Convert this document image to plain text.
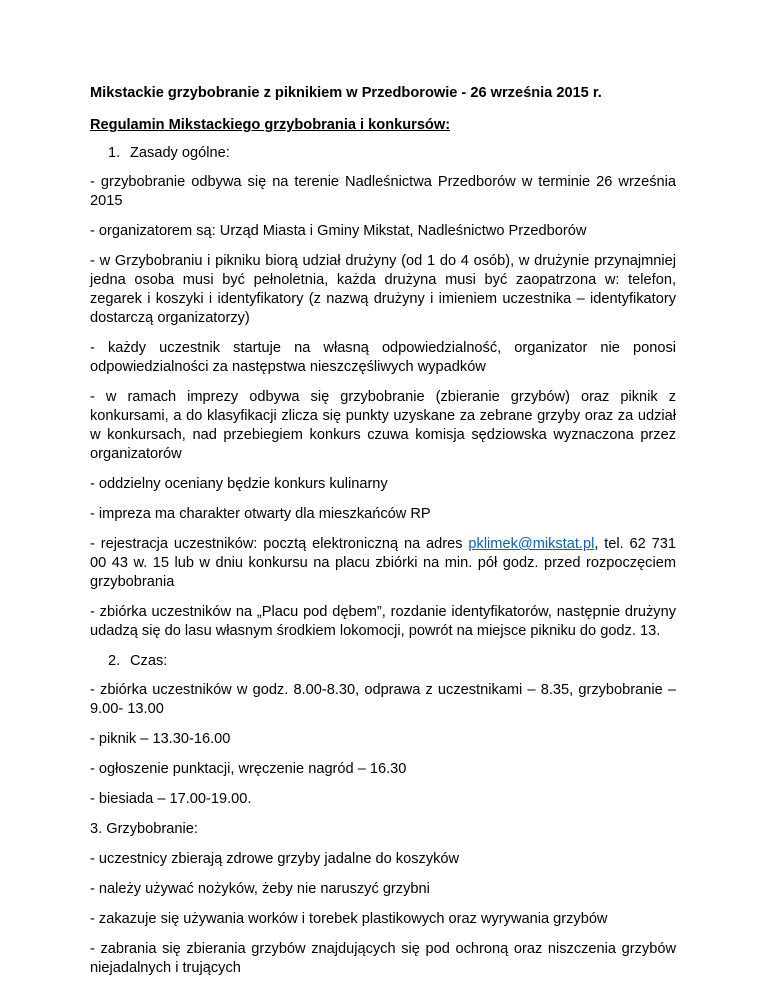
Mikstackie grzybobranie z piknikiem w Przedborowie - 26 września 2015 r.

Regulamin Mikstackiego grzybobrania i konkursów:

1. Zasady ogólne:

- grzybobranie odbywa się na terenie Nadleśnictwa Przedborów w terminie 26 września 2015

- organizatorem są: Urząd Miasta i Gminy Mikstat, Nadleśnictwo Przedborów

- w Grzybobraniu i pikniku biorą udział drużyny (od 1 do 4 osób), w drużynie przynajmniej jedna osoba musi być pełnoletnia, każda drużyna musi być zaopatrzona w: telefon, zegarek i koszyki i identyfikatory (z nazwą drużyny i imieniem uczestnika – identyfikatory dostarczą organizatorzy)

- każdy uczestnik startuje na własną odpowiedzialność, organizator nie ponosi odpowiedzialności za następstwa nieszczęśliwych wypadków

- w ramach imprezy odbywa się grzybobranie (zbieranie grzybów) oraz piknik z konkursami, a do klasyfikacji zlicza się punkty uzyskane za zebrane grzyby oraz za udział w konkursach, nad przebiegiem konkurs czuwa komisja sędziowska wyznaczona przez organizatorów

- oddzielny oceniany będzie konkurs kulinarny

- impreza ma charakter otwarty dla mieszkańców RP

- rejestracja uczestników: pocztą elektroniczną na adres pklimek@mikstat.pl, tel. 62 731 00 43 w. 15 lub w dniu konkursu na placu zbiórki na min. pół godz. przed rozpoczęciem grzybobrania

- zbiórka uczestników na „Placu pod dębem”, rozdanie identyfikatorów, następnie drużyny udadzą się do lasu własnym środkiem lokomocji, powrót na miejsce pikniku do godz. 13.

2. Czas:

- zbiórka uczestników w godz. 8.00-8.30, odprawa z uczestnikami – 8.35, grzybobranie – 9.00- 13.00

- piknik – 13.30-16.00

- ogłoszenie punktacji, wręczenie nagród – 16.30

- biesiada – 17.00-19.00.

3. Grzybobranie:

- uczestnicy zbierają zdrowe grzyby jadalne do koszyków

- należy używać nożyków, żeby nie naruszyć grzybni

- zakazuje się używania worków i torebek plastikowych oraz wyrywania grzybów

- zabrania się zbierania grzybów znajdujących się pod ochroną oraz niszczenia grzybów niejadalnych i trujących
